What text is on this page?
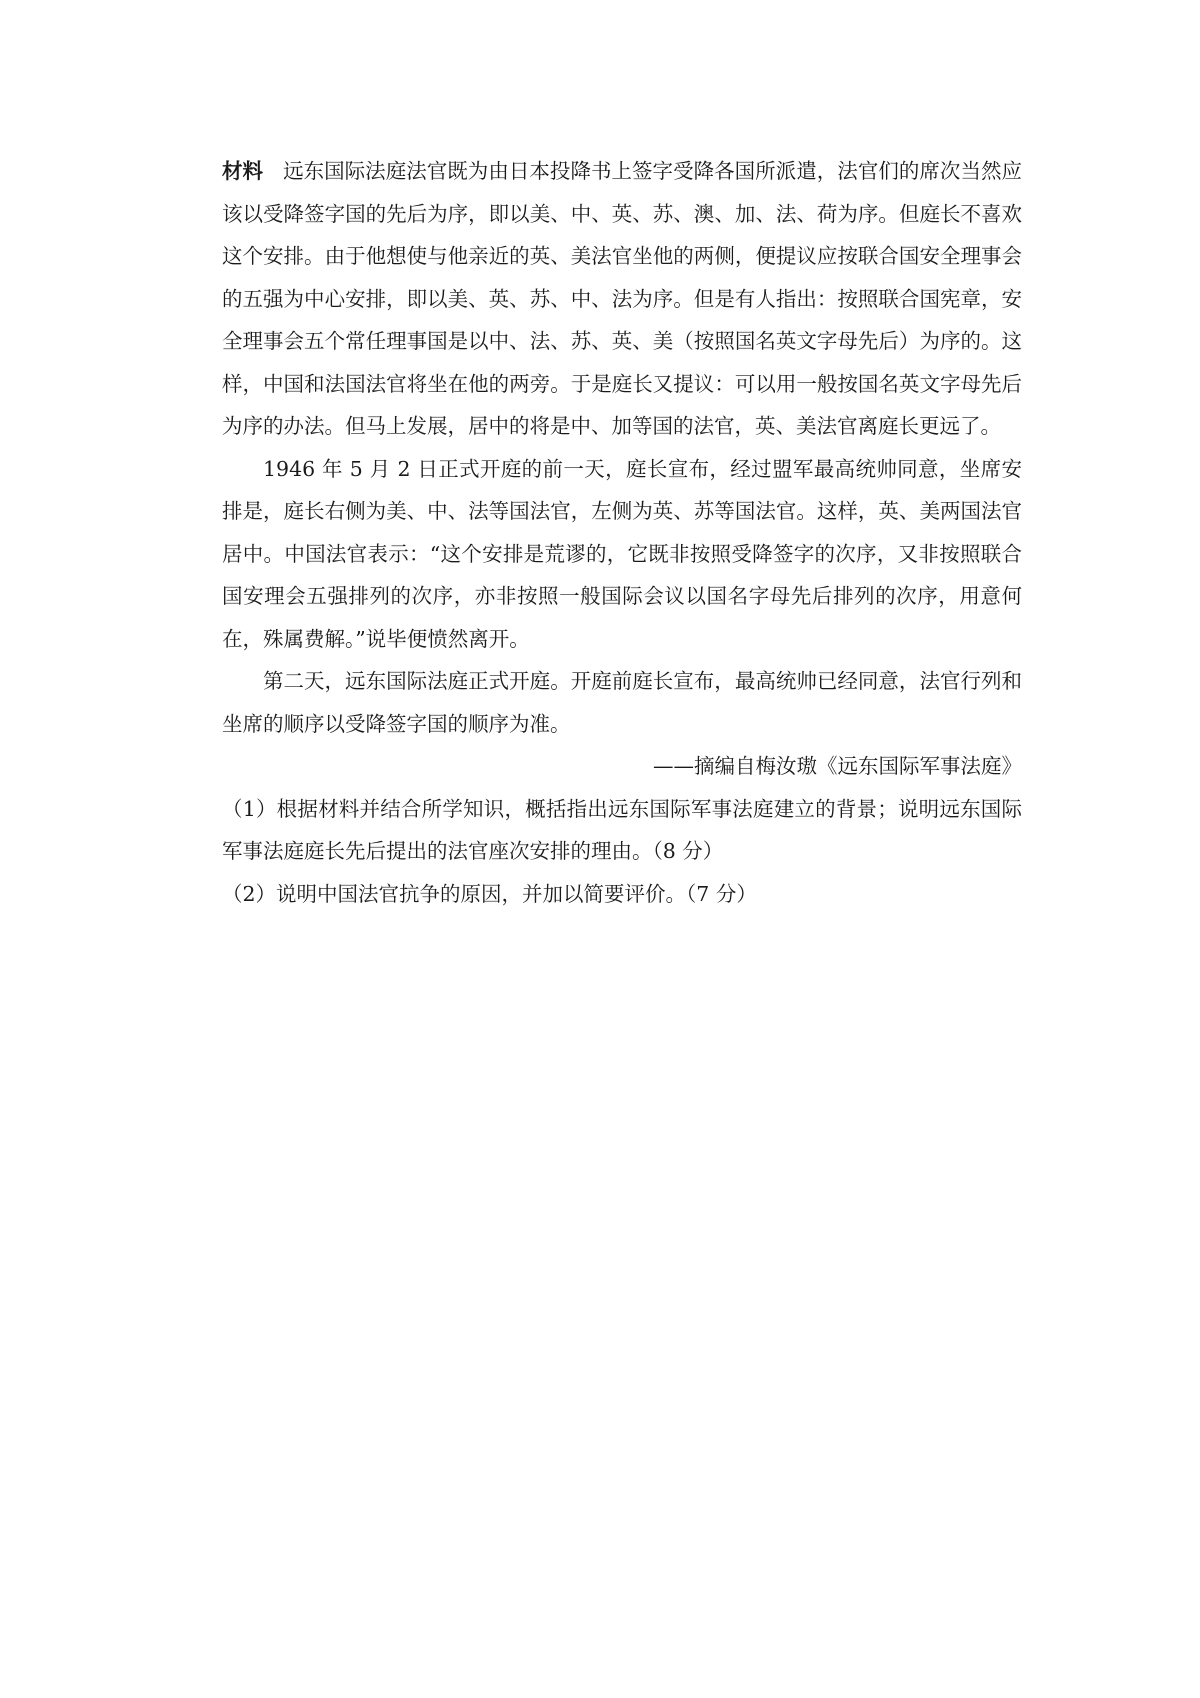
材料 远东国际法庭法官既为由日本投降书上签字受降各国所派遣，法官们的席次当然应该以受降签字国的先后为序，即以美、中、英、苏、澳、加、法、荷为序。但庭长不喜欢这个安排。由于他想使与他亲近的英、美法官坐他的两侧，便提议应按联合国安全理事会的五强为中心安排，即以美、英、苏、中、法为序。但是有人指出：按照联合国宪章，安全理事会五个常任理事国是以中、法、苏、英、美（按照国名英文字母先后）为序的。这样，中国和法国法官将坐在他的两旁。于是庭长又提议：可以用一般按国名英文字母先后为序的办法。但马上发展，居中的将是中、加等国的法官，英、美法官离庭长更远了。

1946 年 5 月 2 日正式开庭的前一天，庭长宣布，经过盟军最高统帅同意，坐席安排是，庭长右侧为美、中、法等国法官，左侧为英、苏等国法官。这样，英、美两国法官居中。中国法官表示：“这个安排是荒谬的，它既非按照受降签字的次序，又非按照联合国安理会五强排列的次序，亦非按照一般国际会议以国名字母先后排列的次序，用意何在，殊属费解。”说毕便愤然离开。

第二天，远东国际法庭正式开庭。开庭前庭长宣布，最高统帅已经同意，法官行列和坐席的顺序以受降签字国的顺序为准。

——摘编自梅汝璈《远东国际军事法庭》

（1）根据材料并结合所学知识，概括指出远东国际军事法庭建立的背景；说明远东国际军事法庭庭长先后提出的法官座次安排的理由。（8 分）

（2）说明中国法官抗争的原因，并加以简要评价。（7 分）
